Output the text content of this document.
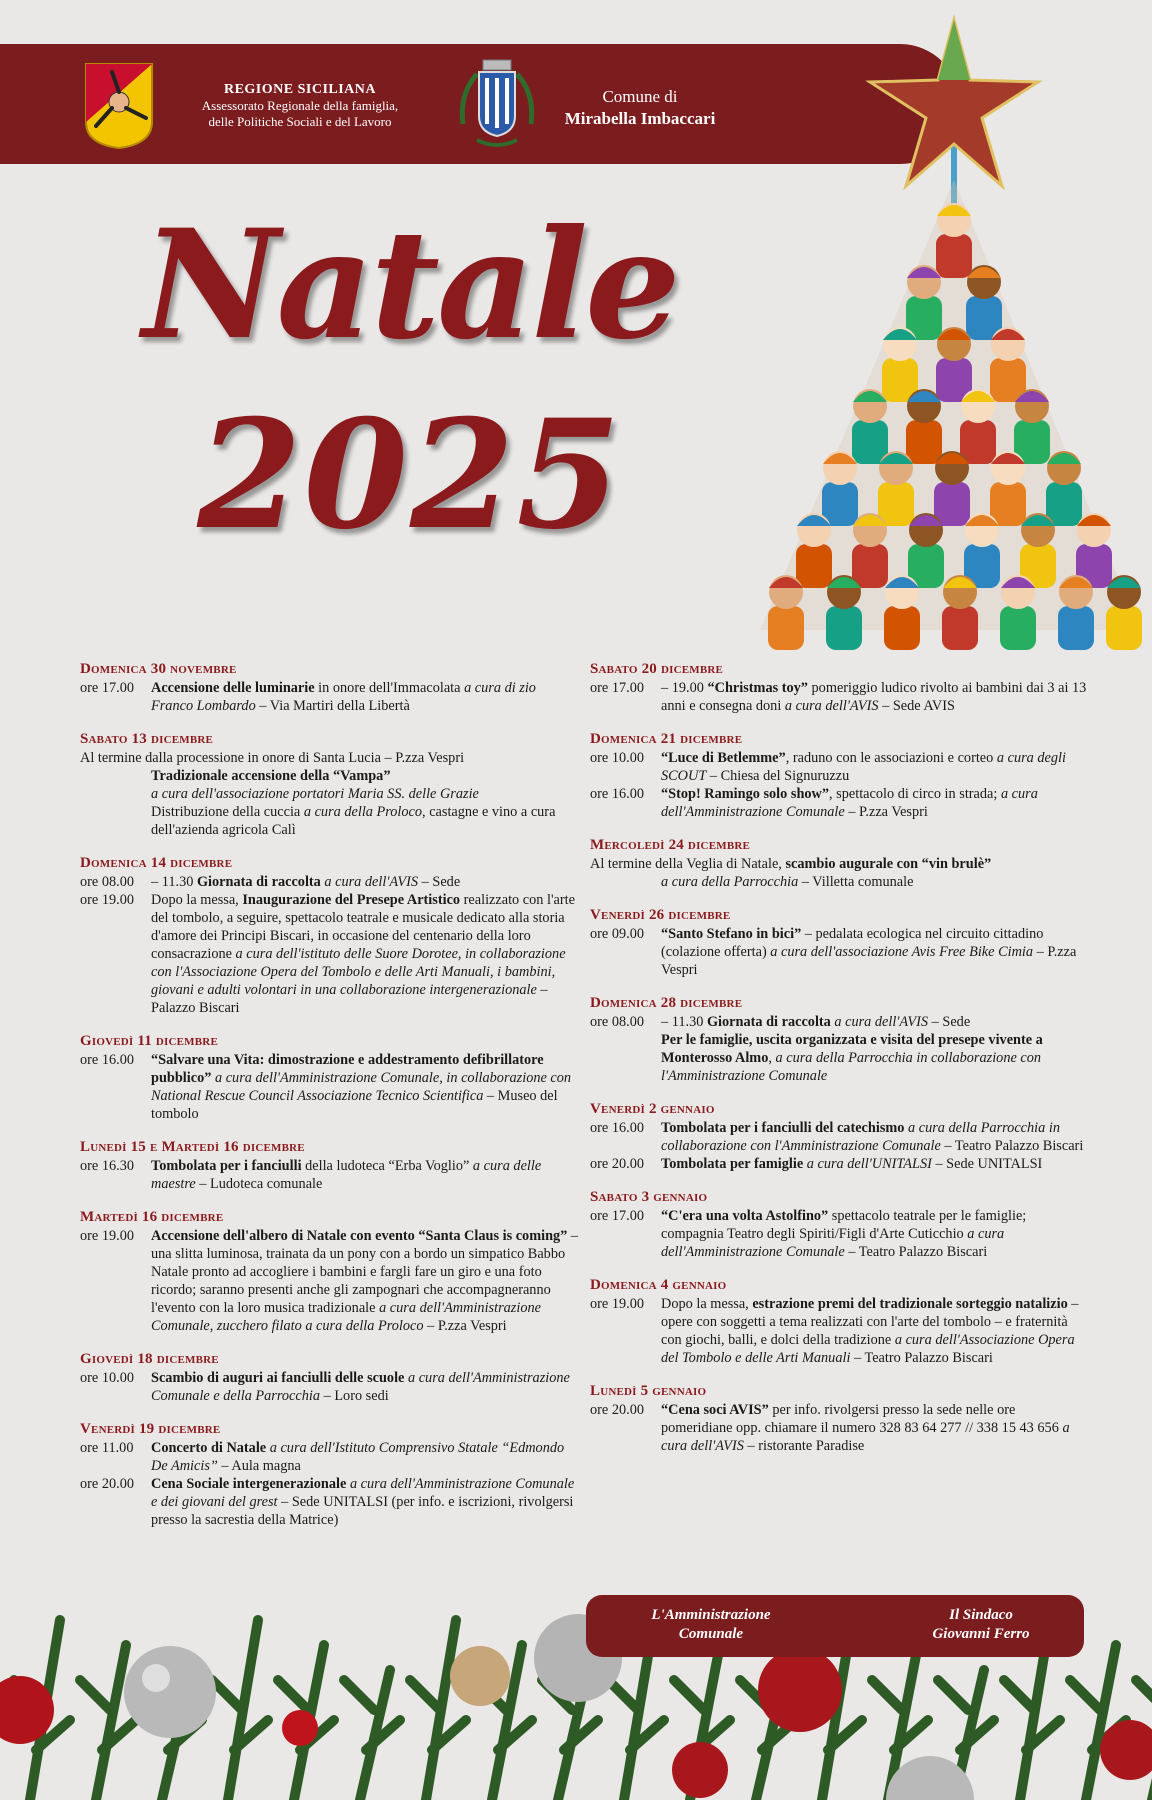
REGIONE SICILIANA
Assessorato Regionale della famiglia,
delle Politiche Sociali e del Lavoro
Comune di
Mirabella Imbaccari
Natale
2025
Domenica 30 novembre
ore 17.00	Accensione delle luminarie in onore dell'Immacolata a cura di zio Franco Lombardo – Via Martiri della Libertà
Sabato 13 dicembre
Al termine dalla processione in onore di Santa Lucia – P.zza Vespri
Tradizionale accensione della “Vampa”
a cura dell'associazione portatori Maria SS. delle Grazie
Distribuzione della cuccia a cura della Proloco, castagne e vino a cura dell'azienda agricola Calì
Domenica 14 dicembre
ore 08.00	– 11.30 Giornata di raccolta a cura dell'AVIS – Sede
ore 19.00	Dopo la messa, Inaugurazione del Presepe Artistico realizzato con l'arte del tombolo, a seguire, spettacolo teatrale e musicale dedicato alla storia d'amore dei Principi Biscari, in occasione del centenario della loro consacrazione a cura dell'istituto delle Suore Dorotee, in collaborazione con l'Associazione Opera del Tombolo e delle Arti Manuali, i bambini, giovani e adulti volontari in una collaborazione intergenerazionale – Palazzo Biscari
Giovedì 11 dicembre
ore 16.00	“Salvare una Vita: dimostrazione e addestramento defibrillatore pubblico” a cura dell'Amministrazione Comunale, in collaborazione con National Rescue Council Associazione Tecnico Scientifica – Museo del tombolo
Lunedì 15 e Martedì 16 dicembre
ore 16.30	Tombolata per i fanciulli della ludoteca “Erba Voglio” a cura delle maestre – Ludoteca comunale
Martedì 16 dicembre
ore 19.00	Accensione dell'albero di Natale con evento “Santa Claus is coming” – una slitta luminosa, trainata da un pony con a bordo un simpatico Babbo Natale pronto ad accogliere i bambini e fargli fare un giro e una foto ricordo; saranno presenti anche gli zampognari che accompagneranno l'evento con la loro musica tradizionale a cura dell'Amministrazione Comunale, zucchero filato a cura della Proloco – P.zza Vespri
Giovedì 18 dicembre
ore 10.00	Scambio di auguri ai fanciulli delle scuole a cura dell'Amministrazione Comunale e della Parrocchia – Loro sedi
Venerdì 19 dicembre
ore 11.00	Concerto di Natale a cura dell'Istituto Comprensivo Statale “Edmondo De Amicis” – Aula magna
ore 20.00	Cena Sociale intergenerazionale a cura dell'Amministrazione Comunale e dei giovani del grest – Sede UNITALSI (per info. e iscrizioni, rivolgersi presso la sacrestia della Matrice)
Sabato 20 dicembre
ore 17.00	– 19.00 “Christmas toy” pomeriggio ludico rivolto ai bambini dai 3 ai 13 anni e consegna doni a cura dell'AVIS – Sede AVIS
Domenica 21 dicembre
ore 10.00	“Luce di Betlemme”, raduno con le associazioni e corteo a cura degli SCOUT – Chiesa del Signuruzzu
ore 16.00	“Stop! Ramingo solo show”, spettacolo di circo in strada; a cura dell'Amministrazione Comunale – P.zza Vespri
Mercoledì 24 dicembre
Al termine della Veglia di Natale, scambio augurale con “vin brulè”
a cura della Parrocchia – Villetta comunale
Venerdì 26 dicembre
ore 09.00	“Santo Stefano in bici” – pedalata ecologica nel circuito cittadino (colazione offerta) a cura dell'associazione Avis Free Bike Cimia – P.zza Vespri
Domenica 28 dicembre
ore 08.00	– 11.30 Giornata di raccolta a cura dell'AVIS – Sede
Per le famiglie, uscita organizzata e visita del presepe vivente a Monterosso Almo, a cura della Parrocchia in collaborazione con l'Amministrazione Comunale
Venerdì 2 gennaio
ore 16.00	Tombolata per i fanciulli del catechismo a cura della Parrocchia in collaborazione con l'Amministrazione Comunale – Teatro Palazzo Biscari
ore 20.00	Tombolata per famiglie a cura dell'UNITALSI – Sede UNITALSI
Sabato 3 gennaio
ore 17.00	“C'era una volta Astolfino” spettacolo teatrale per le famiglie; compagnia Teatro degli Spiriti/Figli d'Arte Cuticchio a cura dell'Amministrazione Comunale – Teatro Palazzo Biscari
Domenica 4 gennaio
ore 19.00	Dopo la messa, estrazione premi del tradizionale sorteggio natalizio – opere con soggetti a tema realizzati con l'arte del tombolo – e fraternità con giochi, balli, e dolci della tradizione a cura dell'Associazione Opera del Tombolo e delle Arti Manuali – Teatro Palazzo Biscari
Lunedì 5 gennaio
ore 20.00	“Cena soci AVIS” per info. rivolgersi presso la sede nelle ore pomeridiane opp. chiamare il numero 328 83 64 277 // 338 15 43 656 a cura dell'AVIS – ristorante Paradise
L'Amministrazione
Comunale
Il Sindaco
Giovanni Ferro
